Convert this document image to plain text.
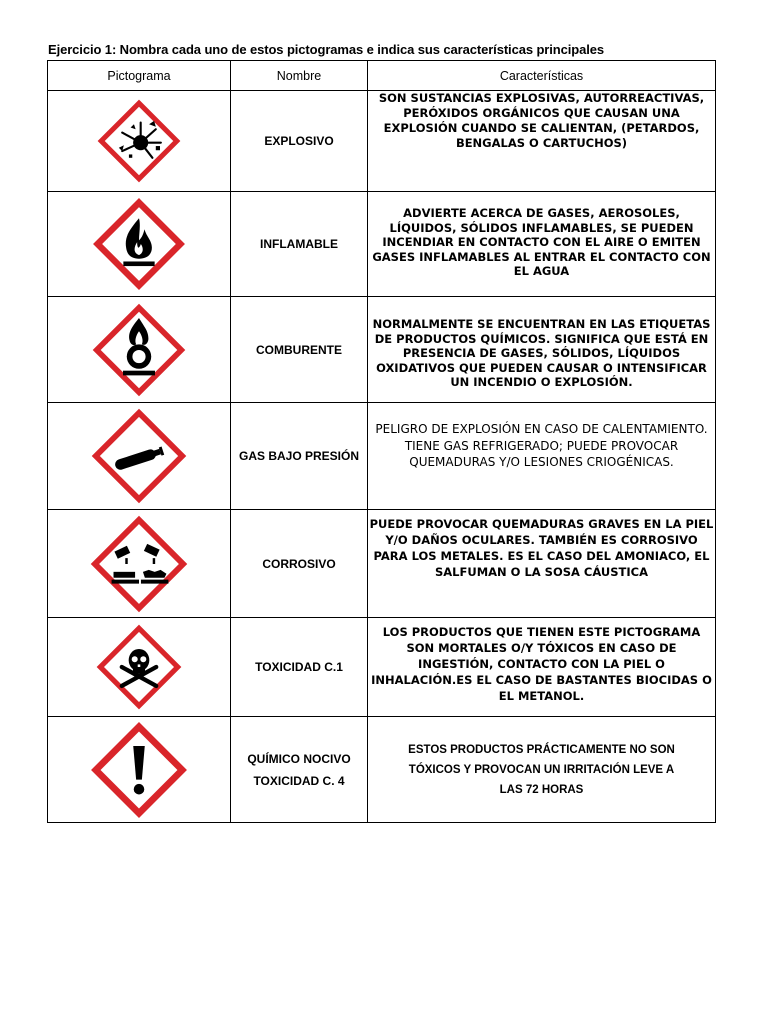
Ejercicio 1: Nombra cada uno de estos pictogramas e indica sus características principales
Pictograma	Nombre	Características

	EXPLOSIVO	SON SUSTANCIAS EXPLOSIVAS, AUTORREACTIVAS, PERÓXIDOS ORGÁNICOS QUE CAUSAN UNA EXPLOSIÓN CUANDO SE CALIENTAN, (PETARDOS, BENGALAS O CARTUCHOS)

	INFLAMABLE	ADVIERTE ACERCA DE GASES, AEROSOLES, LÍQUIDOS, SÓLIDOS INFLAMABLES, SE PUEDEN INCENDIAR EN CONTACTO CON EL AIRE O EMITEN GASES INFLAMABLES AL ENTRAR EL CONTACTO CON EL AGUA

	COMBURENTE	NORMALMENTE SE ENCUENTRAN EN LAS ETIQUETAS DE PRODUCTOS QUÍMICOS. SIGNIFICA QUE ESTÁ EN PRESENCIA DE GASES, SÓLIDOS, LÍQUIDOS OXIDATIVOS QUE PUEDEN CAUSAR O INTENSIFICAR UN INCENDIO O EXPLOSIÓN.

	GAS BAJO PRESIÓN	PELIGRO DE EXPLOSIÓN EN CASO DE CALENTAMIENTO. TIENE GAS REFRIGERADO; PUEDE PROVOCAR QUEMADURAS Y/O LESIONES CRIOGÉNICAS.

	CORROSIVO	PUEDE PROVOCAR QUEMADURAS GRAVES EN LA PIEL Y/O DAÑOS OCULARES. TAMBIÉN ES CORROSIVO PARA LOS METALES. ES EL CASO DEL AMONIACO, EL SALFUMAN O LA SOSA CÁUSTICA

	TOXICIDAD C.1	LOS PRODUCTOS QUE TIENEN ESTE PICTOGRAMA SON MORTALES O/Y TÓXICOS EN CASO DE INGESTIÓN, CONTACTO CON LA PIEL O INHALACIÓN.ES EL CASO DE BASTANTES BIOCIDAS O EL METANOL.

	QUÍMICO NOCIVO TOXICIDAD C. 4	ESTOS PRODUCTOS PRÁCTICAMENTE NO SON TÓXICOS Y PROVOCAN UN IRRITACIÓN LEVE A LAS 72 HORAS
